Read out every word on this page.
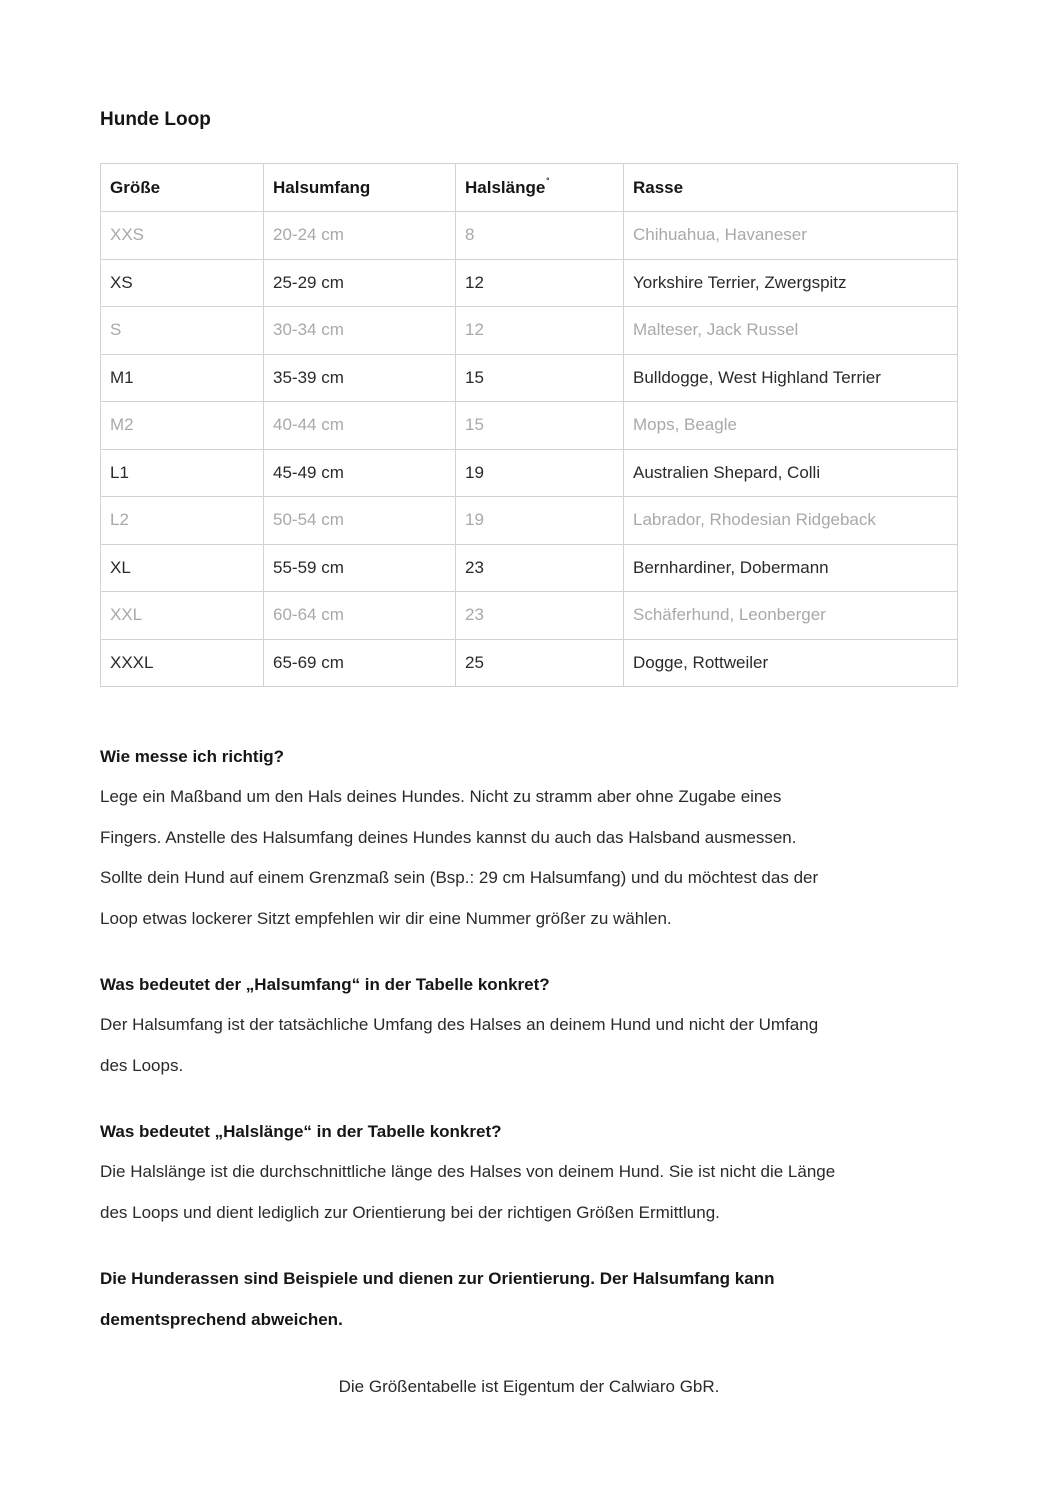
Hunde Loop
Größe	Halsumfang	Halslänge˚	Rasse
XXS	20-24 cm	8	Chihuahua, Havaneser
XS	25-29 cm	12	Yorkshire Terrier, Zwergspitz
S	30-34 cm	12	Malteser, Jack Russel
M1	35-39 cm	15	Bulldogge, West Highland Terrier
M2	40-44 cm	15	Mops, Beagle
L1	45-49 cm	19	Australien Shepard, Colli
L2	50-54 cm	19	Labrador, Rhodesian Ridgeback
XL	55-59 cm	23	Bernhardiner, Dobermann
XXL	60-64 cm	23	Schäferhund, Leonberger
XXXL	65-69 cm	25	Dogge, Rottweiler
Wie messe ich richtig?
Lege ein Maßband um den Hals deines Hundes. Nicht zu stramm aber ohne Zugabe eines
Fingers. Anstelle des Halsumfang deines Hundes kannst du auch das Halsband ausmessen.
Sollte dein Hund auf einem Grenzmaß sein (Bsp.: 29 cm Halsumfang) und du möchtest das der
Loop etwas lockerer Sitzt empfehlen wir dir eine Nummer größer zu wählen.
Was bedeutet der „Halsumfang“ in der Tabelle konkret?
Der Halsumfang ist der tatsächliche Umfang des Halses an deinem Hund und nicht der Umfang
des Loops.
Was bedeutet „Halslänge“ in der Tabelle konkret?
Die Halslänge ist die durchschnittliche länge des Halses von deinem Hund. Sie ist nicht die Länge
des Loops und dient lediglich zur Orientierung bei der richtigen Größen Ermittlung.
Die Hunderassen sind Beispiele und dienen zur Orientierung. Der Halsumfang kann
dementsprechend abweichen.
Die Größentabelle ist Eigentum der Calwiaro GbR.
